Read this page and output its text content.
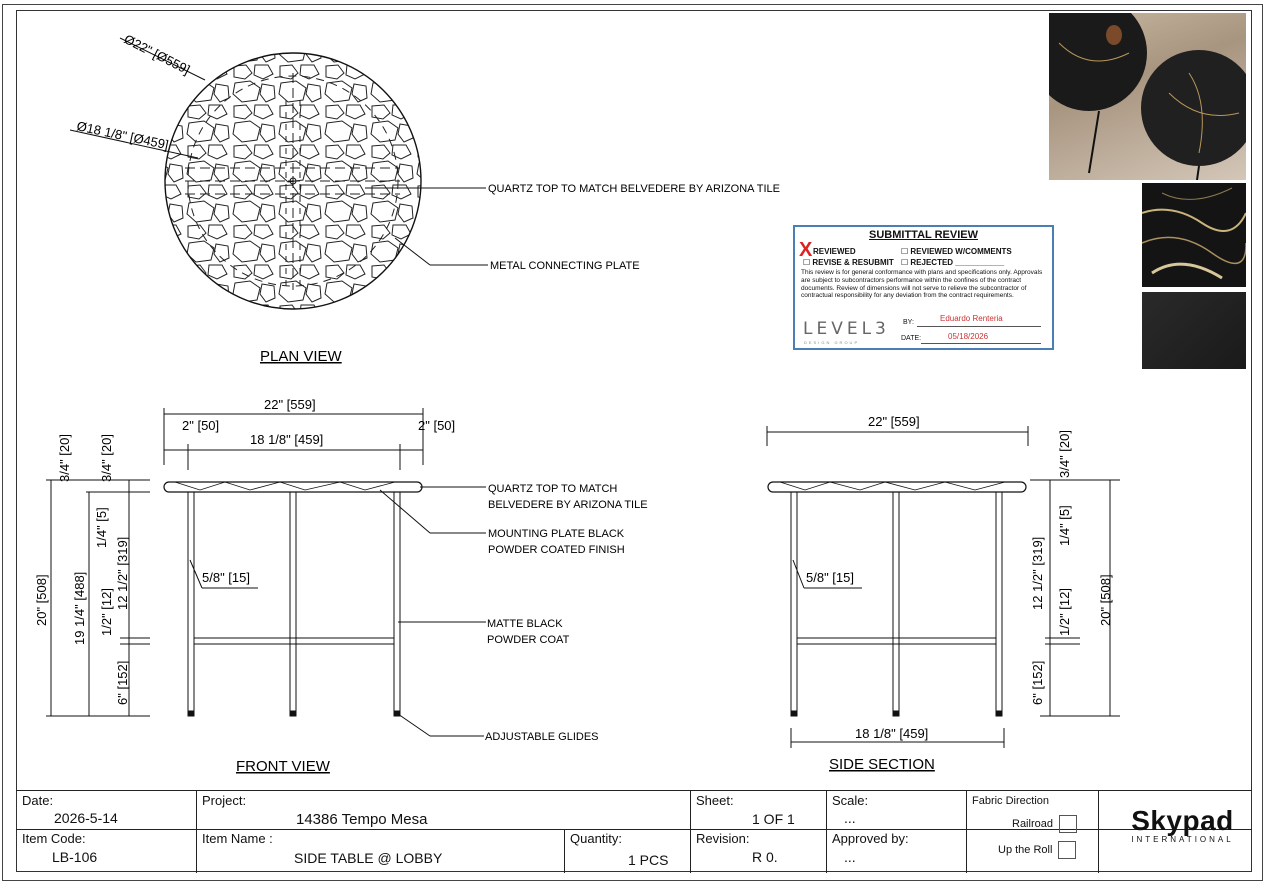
Ø22" [Ø559]
Ø18 1/8" [Ø459]
QUARTZ TOP TO MATCH BELVEDERE BY ARIZONA TILE
METAL CONNECTING PLATE
PLAN VIEW
22" [559]
2" [50]
18 1/8" [459]
2" [50]
3/4" [20] 3/4" [20]
1/4" [5]
12 1/2" [319]
1/2" [12]
20" [508] 19 1/4" [488]
6" [152]
5/8" [15]
QUARTZ TOP TO MATCH
BELVEDERE BY ARIZONA TILE
MOUNTING PLATE BLACK
POWDER COATED FINISH
MATTE BLACK
POWDER COAT
ADJUSTABLE GLIDES
FRONT VIEW
22" [559]
18 1/8" [459]
5/8" [15]
3/4" [20]
1/4" [5]
12 1/2" [319]
1/2" [12] 20" [508]
6" [152]
SIDE SECTION
SUBMITTAL REVIEW
X REVIEWED	☐ REVIEWED W/COMMENTS
☐ REVISE & RESUBMIT ☐ REJECTED ___________
This review is for general conformance with plans and specifications only. Approvals are subject to subcontractors performance within the confines of the contract documents. Review of dimensions will not serve to relieve the subcontractor of contractual responsibility for any deviation from the contract requirements.
LEVEL3
DESIGN GROUP
BY:	Eduardo Renteria
DATE:	05/18/2026
Date:
2026-5-14
Project:
14386 Tempo Mesa
Sheet:
1 OF 1
Scale:
...
Item Code:
LB-106
Item Name :
SIDE TABLE @ LOBBY
Quantity:
1 PCS
Revision:
R 0.
Approved by:
...
Fabric Direction
Railroad
Up the Roll
Skypad
INTERNATIONAL
